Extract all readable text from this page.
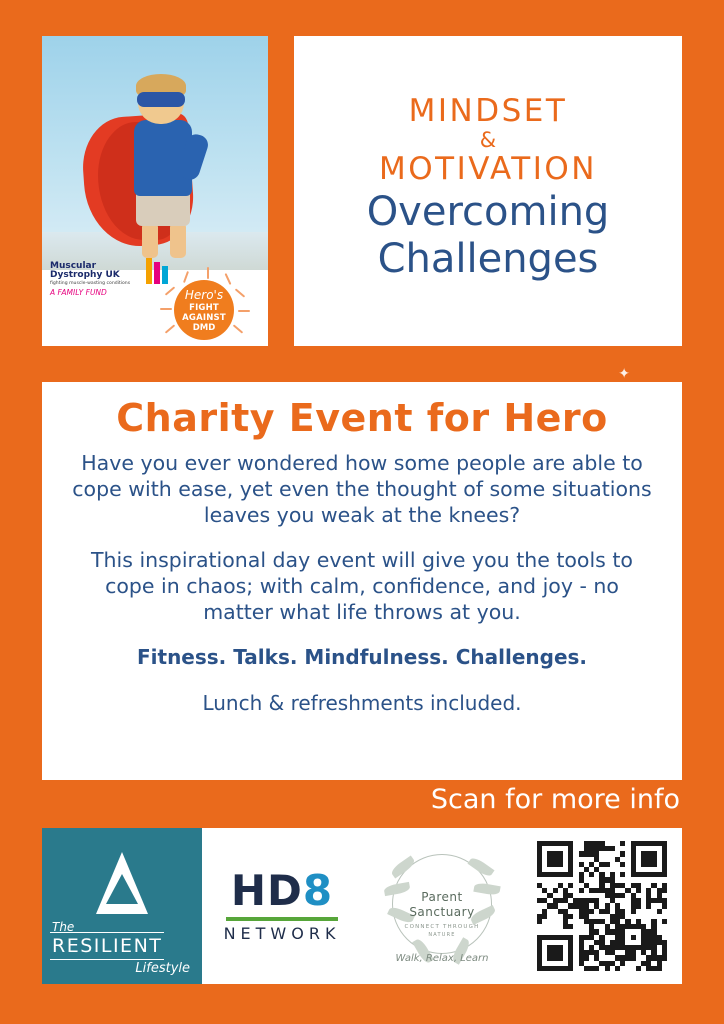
Muscular
Dystrophy UK
fighting muscle-wasting conditions
A FAMILY FUND	Hero's
FIGHT AGAINST
DMD
MINDSET
&
MOTIVATION
Overcoming
Challenges
✦
Charity Event for Hero
Have you ever wondered how some people are able to cope with ease, yet even the thought of some situations leaves you weak at the knees?
This inspirational day event will give you the tools to cope in chaos; with calm, confidence, and joy - no matter what life throws at you.
Fitness. Talks. Mindfulness. Challenges.
Lunch & refreshments included.
Scan for more info
The
RESILIENT
Lifestyle
HD8
NETWORK
Parent
Sanctuary
CONNECT THROUGH
NATURE
Walk, Relax, Learn
